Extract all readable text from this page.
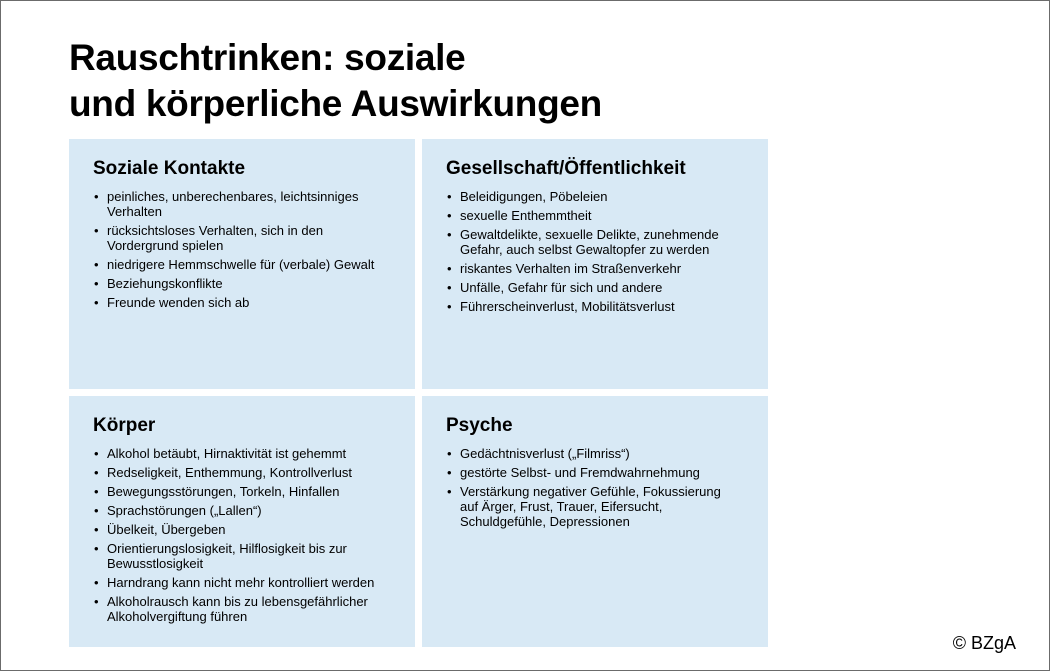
Rauschtrinken: soziale
und körperliche Auswirkungen
Soziale Kontakte
• peinliches, unberechenbares, leichtsinniges Verhalten
• rücksichtsloses Verhalten, sich in den Vordergrund spielen
• niedrigere Hemmschwelle für (verbale) Gewalt
• Beziehungskonflikte
• Freunde wenden sich ab
Gesellschaft/Öffentlichkeit
• Beleidigungen, Pöbeleien
• sexuelle Enthemmtheit
• Gewaltdelikte, sexuelle Delikte, zunehmende Gefahr, auch selbst Gewaltopfer zu werden
• riskantes Verhalten im Straßenverkehr
• Unfälle, Gefahr für sich und andere
• Führerscheinverlust, Mobilitätsverlust
Körper
• Alkohol betäubt, Hirnaktivität ist gehemmt
• Redseligkeit, Enthemmung, Kontrollverlust
• Bewegungsstörungen, Torkeln, Hinfallen
• Sprachstörungen („Lallen“)
• Übelkeit, Übergeben
• Orientierungslosigkeit, Hilflosigkeit bis zur Bewusstlosigkeit
• Harndrang kann nicht mehr kontrolliert werden
• Alkoholrausch kann bis zu lebensgefährlicher Alkoholvergiftung führen
Psyche
• Gedächtnisverlust („Filmriss“)
• gestörte Selbst- und Fremdwahrnehmung
• Verstärkung negativer Gefühle, Fokussierung auf Ärger, Frust, Trauer, Eifersucht, Schuldgefühle, Depressionen
© BZgA
